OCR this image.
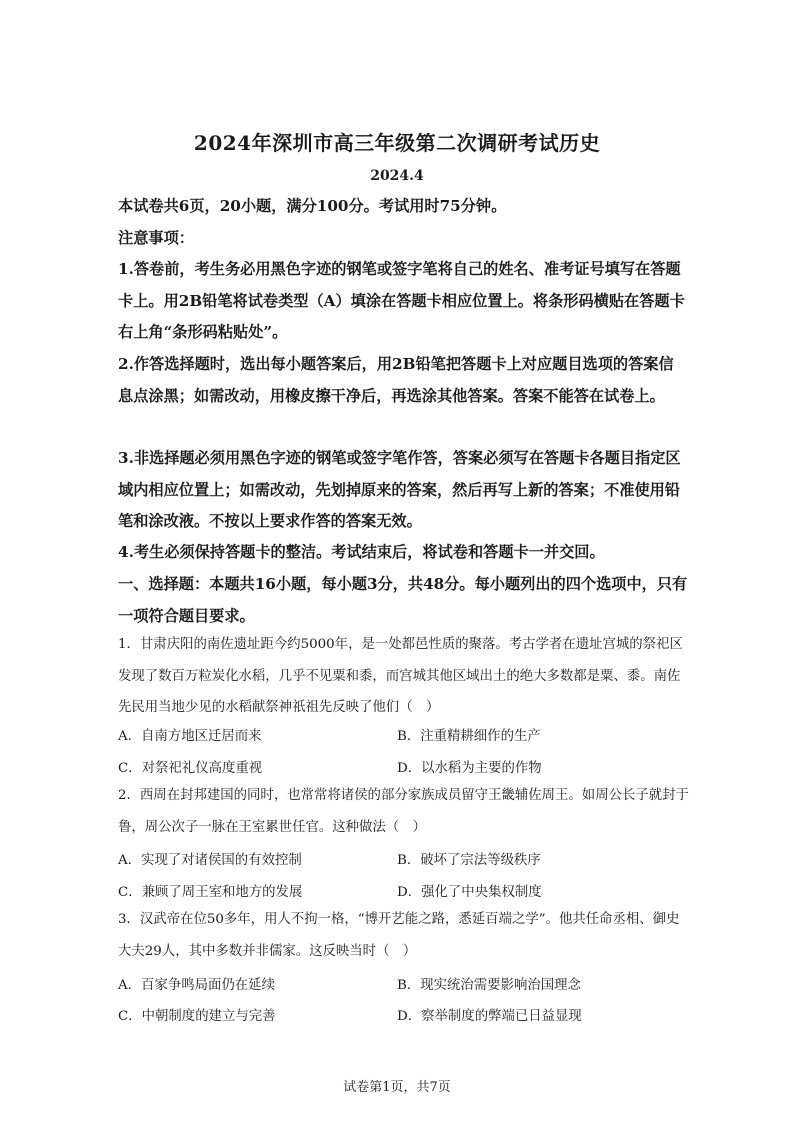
2024年深圳市高三年级第二次调研考试历史
2024.4

本试卷共6页，20小题，满分100分。考试用时75分钟。

注意事项：

1.答卷前，考生务必用黑色字迹的钢笔或签字笔将自己的姓名、准考证号填写在答题卡上。用2B铅笔将试卷类型（A）填涂在答题卡相应位置上。将条形码横贴在答题卡右上角“条形码粘贴处”。

2.作答选择题时，选出每小题答案后，用2B铅笔把答题卡上对应题目选项的答案信息点涂黑；如需改动，用橡皮擦干净后，再选涂其他答案。答案不能答在试卷上。

3.非选择题必须用黑色字迹的钢笔或签字笔作答，答案必须写在答题卡各题目指定区域内相应位置上；如需改动，先划掉原来的答案，然后再写上新的答案；不准使用铅笔和涂改液。不按以上要求作答的答案无效。

4.考生必须保持答题卡的整洁。考试结束后，将试卷和答题卡一并交回。

一、选择题：本题共16小题，每小题3分，共48分。每小题列出的四个选项中，只有一项符合题目要求。

1．甘肃庆阳的南佐遗址距今约5000年，是一处都邑性质的聚落。考古学者在遗址宫城的祭祀区发现了数百万粒炭化水稻，几乎不见粟和黍，而宫城其他区域出土的绝大多数都是粟、黍。南佐先民用当地少见的水稻献祭神祇祖先反映了他们（　）

A．自南方地区迁居而来	B．注重精耕细作的生产
C．对祭祀礼仪高度重视	D．以水稻为主要的作物

2．西周在封邦建国的同时，也常常将诸侯的部分家族成员留守王畿辅佐周王。如周公长子就封于鲁，周公次子一脉在王室累世任官。这种做法（　）

A．实现了对诸侯国的有效控制	B．破坏了宗法等级秩序
C．兼顾了周王室和地方的发展	D．强化了中央集权制度

3．汉武帝在位50多年，用人不拘一格，“博开艺能之路，悉延百端之学”。他共任命丞相、御史大夫29人，其中多数并非儒家。这反映当时（　）

A．百家争鸣局面仍在延续	B．现实统治需要影响治国理念
C．中朝制度的建立与完善	D．察举制度的弊端已日益显现
试卷第1页，共7页
